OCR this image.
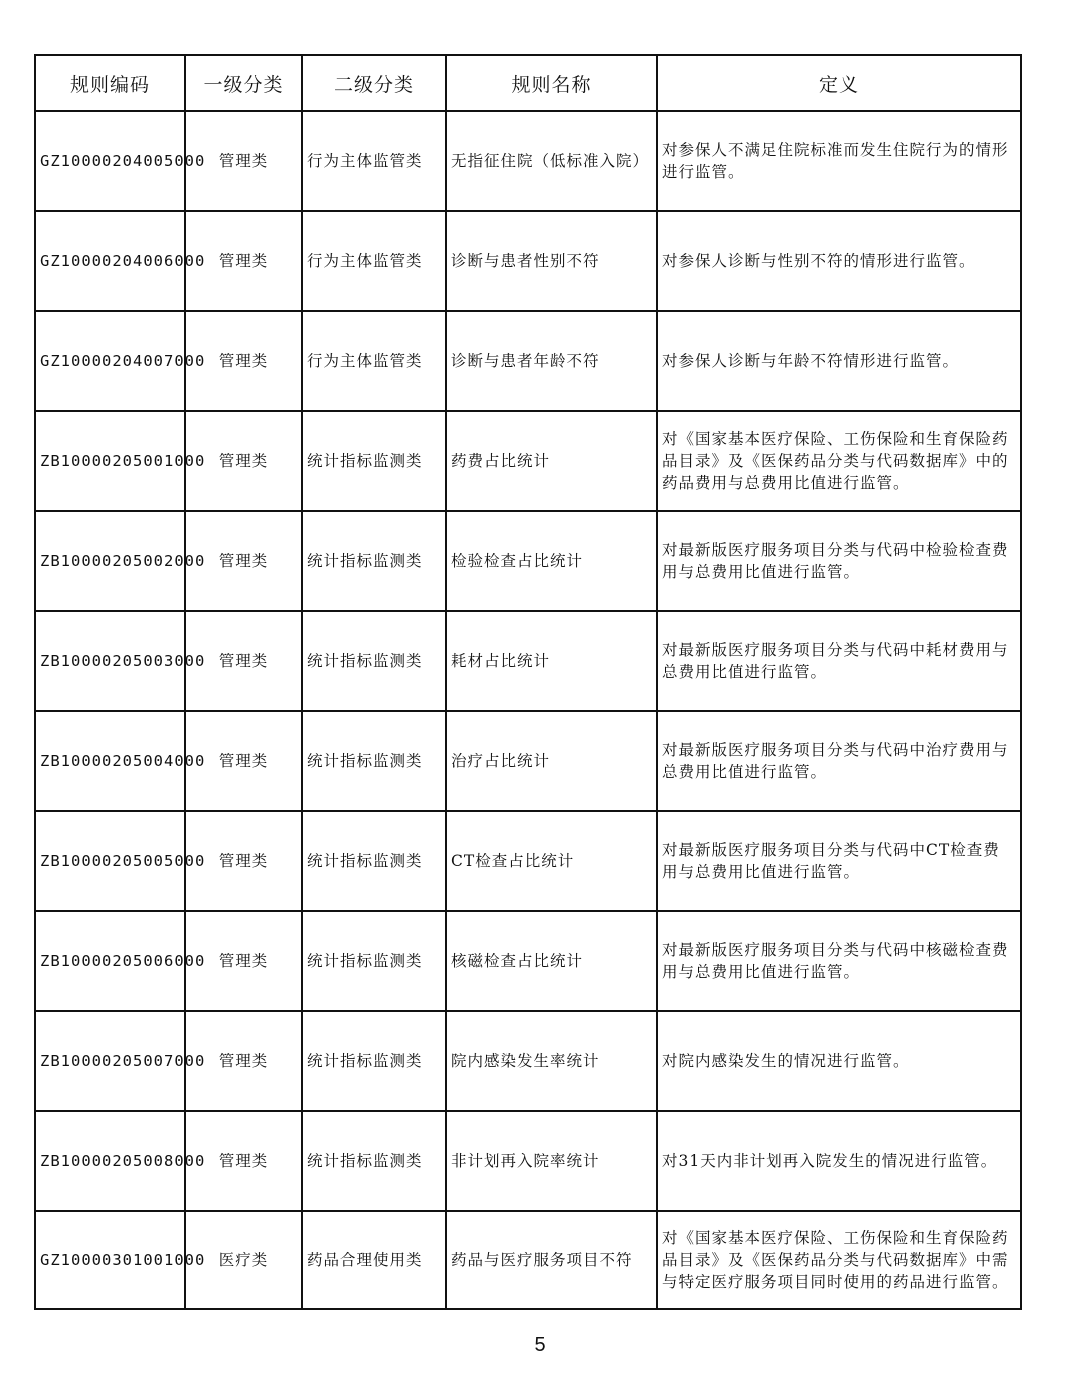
规则编码	一级分类	二级分类	规则名称	定义
GZ10000204005000	管理类	行为主体监管类	无指征住院（低标准入院）	对参保人不满足住院标准而发生住院行为的情形进行监管。
GZ10000204006000	管理类	行为主体监管类	诊断与患者性别不符	对参保人诊断与性别不符的情形进行监管。
GZ10000204007000	管理类	行为主体监管类	诊断与患者年龄不符	对参保人诊断与年龄不符情形进行监管。
ZB10000205001000	管理类	统计指标监测类	药费占比统计	对《国家基本医疗保险、工伤保险和生育保险药品目录》及《医保药品分类与代码数据库》中的药品费用与总费用比值进行监管。
ZB10000205002000	管理类	统计指标监测类	检验检查占比统计	对最新版医疗服务项目分类与代码中检验检查费用与总费用比值进行监管。
ZB10000205003000	管理类	统计指标监测类	耗材占比统计	对最新版医疗服务项目分类与代码中耗材费用与总费用比值进行监管。
ZB10000205004000	管理类	统计指标监测类	治疗占比统计	对最新版医疗服务项目分类与代码中治疗费用与总费用比值进行监管。
ZB10000205005000	管理类	统计指标监测类	CT检查占比统计	对最新版医疗服务项目分类与代码中CT检查费用与总费用比值进行监管。
ZB10000205006000	管理类	统计指标监测类	核磁检查占比统计	对最新版医疗服务项目分类与代码中核磁检查费用与总费用比值进行监管。
ZB10000205007000	管理类	统计指标监测类	院内感染发生率统计	对院内感染发生的情况进行监管。
ZB10000205008000	管理类	统计指标监测类	非计划再入院率统计	对31天内非计划再入院发生的情况进行监管。
GZ10000301001000	医疗类	药品合理使用类	药品与医疗服务项目不符	对《国家基本医疗保险、工伤保险和生育保险药品目录》及《医保药品分类与代码数据库》中需与特定医疗服务项目同时使用的药品进行监管。
5
